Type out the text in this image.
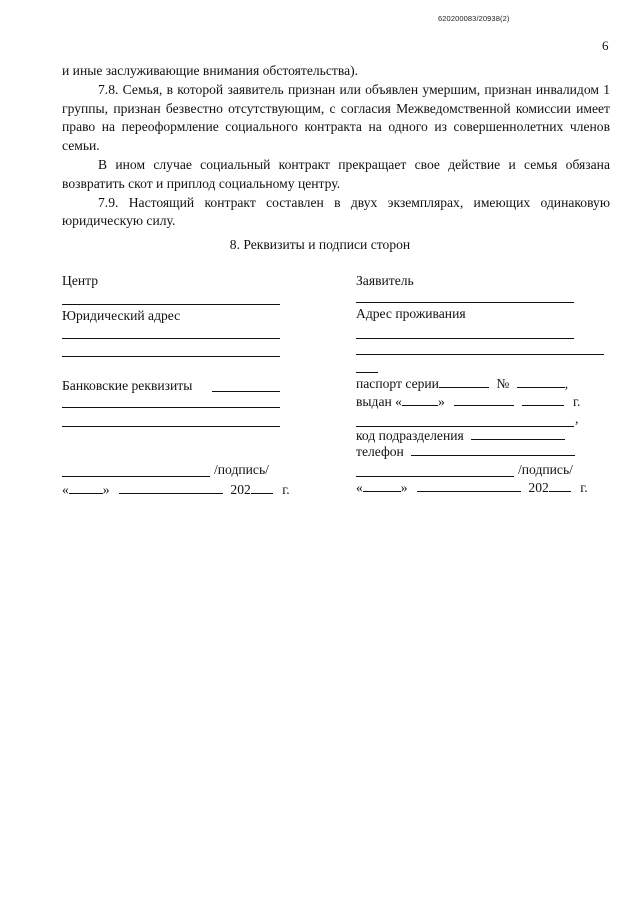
620200083/20938(2)
6

и иные заслуживающие внимания обстоятельства).

7.8. Семья, в которой заявитель признан или объявлен умершим, признан инвалидом 1 группы, признан безвестно отсутствующим, с согласия Межведомственной комиссии имеет право на переоформление социального контракта на одного из совершеннолетних членов семьи.

В ином случае социальный контракт прекращает свое действие и семья обязана возвратить скот и приплод социальному центру.

7.9. Настоящий контракт составлен в двух экземплярах, имеющих одинаковую юридическую силу.

8. Реквизиты и подписи сторон
Центр
Юридический адрес
Банковские реквизиты
/подпись/
«	»	202 г.
Заявитель
Адрес проживания
паспорт серии	№	,
выдан «	»	г.
,
код подразделения
телефон
/подпись/
«	»	202 г.
